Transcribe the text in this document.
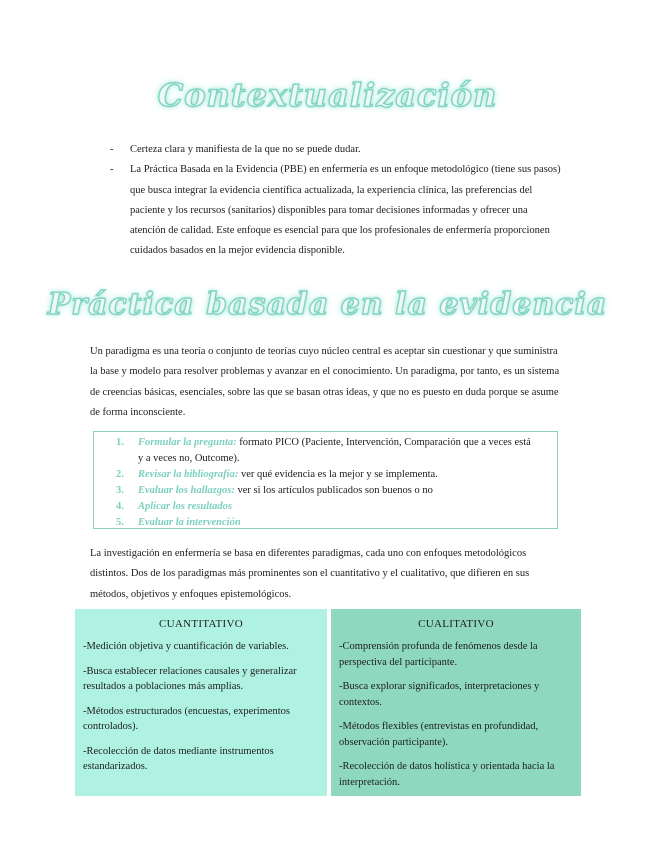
Contextualización
- Certeza clara y manifiesta de la que no se puede dudar.
- La Práctica Basada en la Evidencia (PBE) en enfermería es un enfoque metodológico (tiene sus pasos) que busca integrar la evidencia científica actualizada, la experiencia clínica, las preferencias del paciente y los recursos (sanitarios) disponibles para tomar decisiones informadas y ofrecer una atención de calidad. Este enfoque es esencial para que los profesionales de enfermería proporcionen cuidados basados en la mejor evidencia disponible.
Práctica basada en la evidencia

Un paradigma es una teoría o conjunto de teorías cuyo núcleo central es aceptar sin cuestionar y que suministra la base y modelo para resolver problemas y avanzar en el conocimiento. Un paradigma, por tanto, es un sistema de creencias básicas, esenciales, sobre las que se basan otras ideas, y que no es puesto en duda porque se asume de forma inconsciente.

1. Formular la pregunta: formato PICO (Paciente, Intervención, Comparación que a veces está y a veces no, Outcome).
2. Revisar la bibliografía: ver qué evidencia es la mejor y se implementa.
3. Evaluar los hallazgos: ver si los artículos publicados son buenos o no
4. Aplicar los resultados
5. Evaluar la intervención

La investigación en enfermería se basa en diferentes paradigmas, cada uno con enfoques metodológicos distintos. Dos de los paradigmas más prominentes son el cuantitativo y el cualitativo, que difieren en sus métodos, objetivos y enfoques epistemológicos.

CUANTITATIVO
-Medición objetiva y cuantificación de variables.
-Busca establecer relaciones causales y generalizar resultados a poblaciones más amplias.
-Métodos estructurados (encuestas, experimentos controlados).
-Recolección de datos mediante instrumentos estandarizados.
CUALITATIVO
-Comprensión profunda de fenómenos desde la perspectiva del participante.
-Busca explorar significados, interpretaciones y contextos.
-Métodos flexibles (entrevistas en profundidad, observación participante).
-Recolección de datos holística y orientada hacia la interpretación.
